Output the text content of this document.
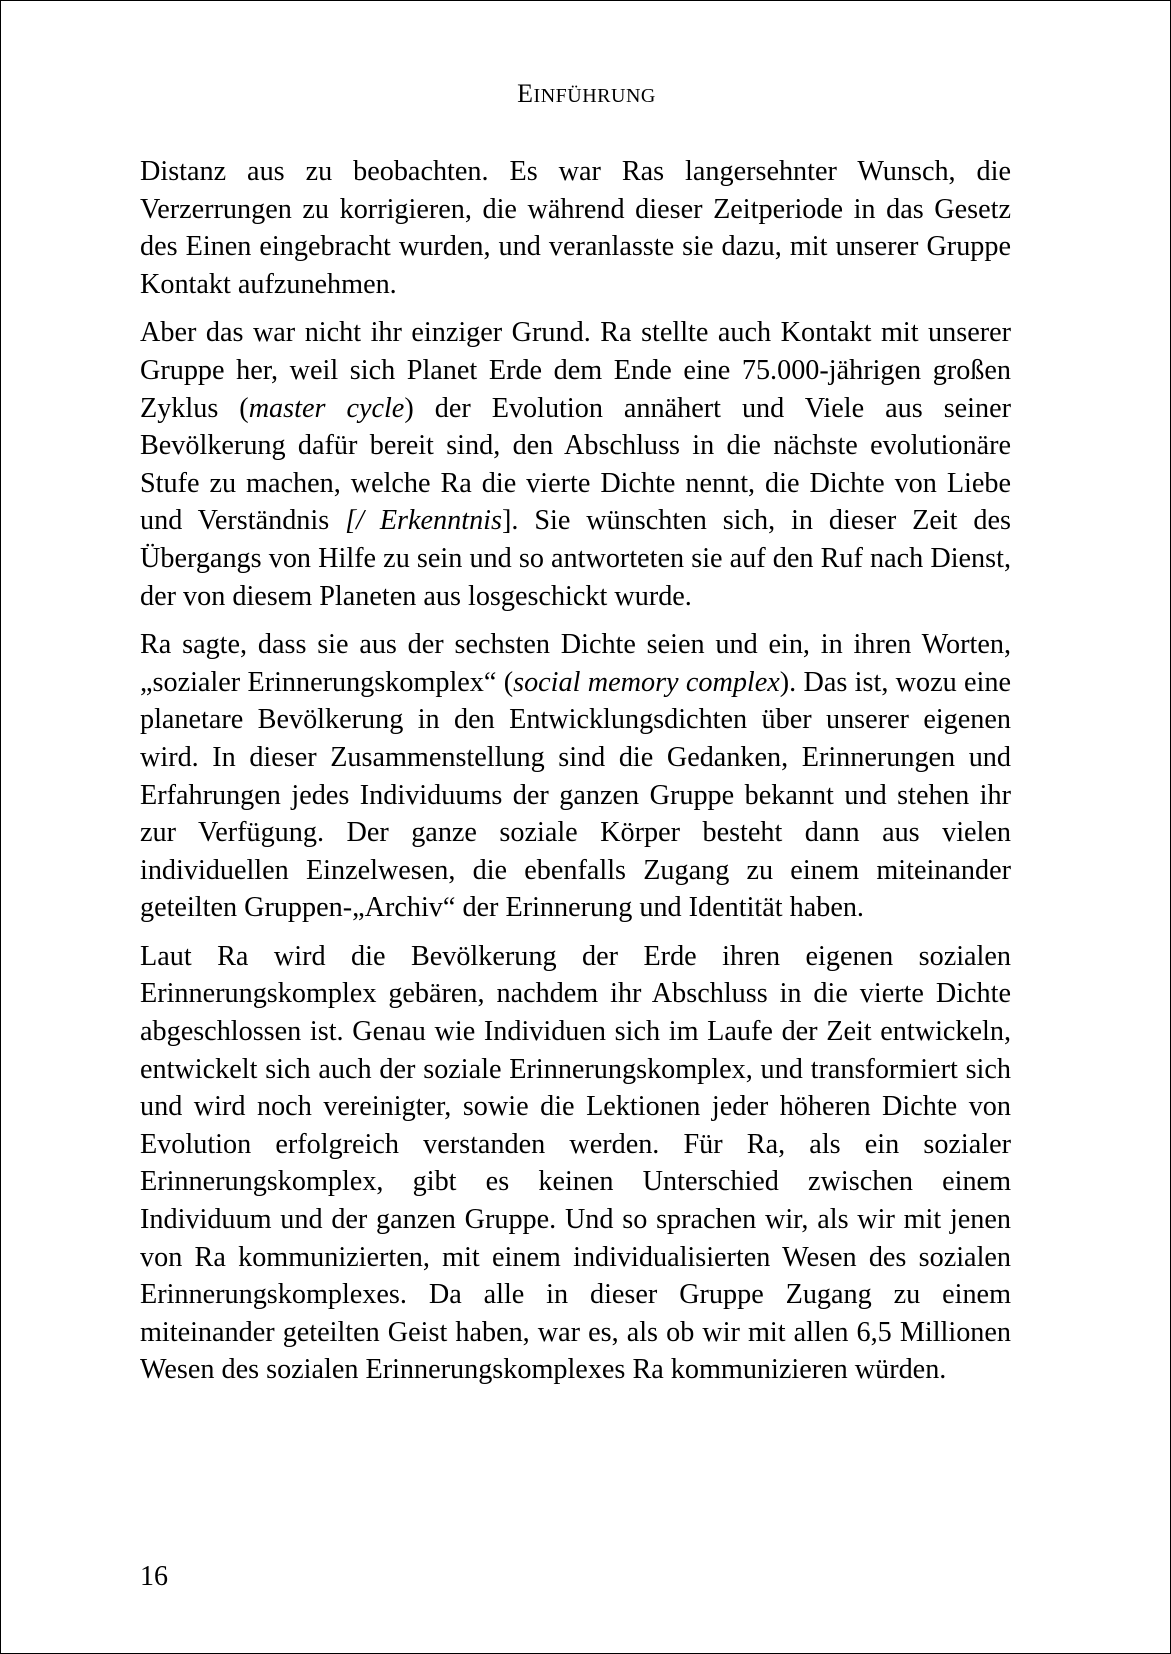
EINFÜHRUNG

Distanz aus zu beobachten. Es war Ras langersehnter Wunsch, die Verzerrungen zu korrigieren, die während dieser Zeitperiode in das Gesetz des Einen eingebracht wurden, und veranlasste sie dazu, mit unserer Gruppe Kontakt aufzunehmen.

Aber das war nicht ihr einziger Grund. Ra stellte auch Kontakt mit unserer Gruppe her, weil sich Planet Erde dem Ende eine 75.000-jährigen großen Zyklus (master cycle) der Evolution annähert und Viele aus seiner Bevölkerung dafür bereit sind, den Abschluss in die nächste evolutionäre Stufe zu machen, welche Ra die vierte Dichte nennt, die Dichte von Liebe und Verständnis [/ Erkenntnis]. Sie wünschten sich, in dieser Zeit des Übergangs von Hilfe zu sein und so antworteten sie auf den Ruf nach Dienst, der von diesem Planeten aus losgeschickt wurde.

Ra sagte, dass sie aus der sechsten Dichte seien und ein, in ihren Worten, „sozialer Erinnerungskomplex“ (social memory complex). Das ist, wozu eine planetare Bevölkerung in den Entwicklungsdichten über unserer eigenen wird. In dieser Zusammenstellung sind die Gedanken, Erinnerungen und Erfahrungen jedes Individuums der ganzen Gruppe bekannt und stehen ihr zur Verfügung. Der ganze soziale Körper besteht dann aus vielen individuellen Einzelwesen, die ebenfalls Zugang zu einem miteinander geteilten Gruppen-„Archiv“ der Erinnerung und Identität haben.

Laut Ra wird die Bevölkerung der Erde ihren eigenen sozialen Erinnerungskomplex gebären, nachdem ihr Abschluss in die vierte Dichte abgeschlossen ist. Genau wie Individuen sich im Laufe der Zeit entwickeln, entwickelt sich auch der soziale Erinnerungskomplex, und transformiert sich und wird noch vereinigter, sowie die Lektionen jeder höheren Dichte von Evolution erfolgreich verstanden werden. Für Ra, als ein sozialer Erinnerungskomplex, gibt es keinen Unterschied zwischen einem Individuum und der ganzen Gruppe. Und so sprachen wir, als wir mit jenen von Ra kommunizierten, mit einem individualisierten Wesen des sozialen Erinnerungskomplexes. Da alle in dieser Gruppe Zugang zu einem miteinander geteilten Geist haben, war es, als ob wir mit allen 6,5 Millionen Wesen des sozialen Erinnerungskomplexes Ra kommunizieren würden.

16
